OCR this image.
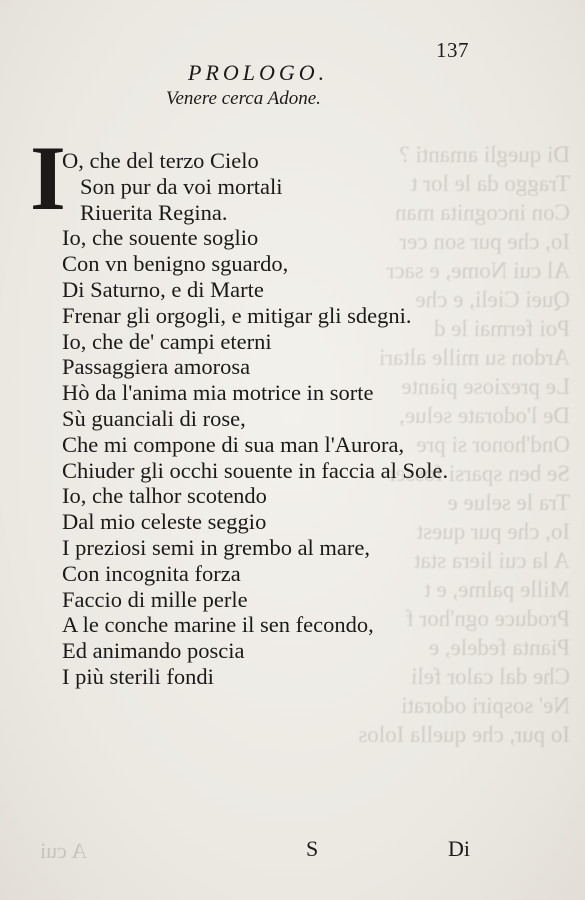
Di quegli amanti ?
Traggo da le lor t
Con incognita man
Io, che pur son cer
Al cui Nome, e sacr
Quei Cieli, e che
Poi fermai le d
Ardon su mille altari
Le preziose piante
De l'odorate selue,
Ond'honor si pre
Se ben sparsi fosser
Tra le selue e
Io, che pur quest
A la cui liera stat
Mille palme, e t
Produce ogn'hor f
Pianta fedele, e
Che dal calor feli
Ne' sospiri odorati
Io pur, che quella Iolos
A cui
137
PROLOGO.
Venere cerca Adone.
I
O, che del terzo Cielo
Son pur da voi mortali
Riuerita Regina.
Io, che souente soglio
Con vn benigno sguardo,
Di Saturno, e di Marte
Frenar gli orgogli, e mitigar gli sdegni.
Io, che de' campi eterni
Passaggiera amorosa
Hò da l'anima mia motrice in sorte
Sù guanciali di rose,
Che mi compone di sua man l'Aurora,
Chiuder gli occhi souente in faccia al Sole.
Io, che talhor scotendo
Dal mio celeste seggio
I preziosi semi in grembo al mare,
Con incognita forza
Faccio di mille perle
A le conche marine il sen fecondo,
Ed animando poscia
I più sterili fondi
S	Di
